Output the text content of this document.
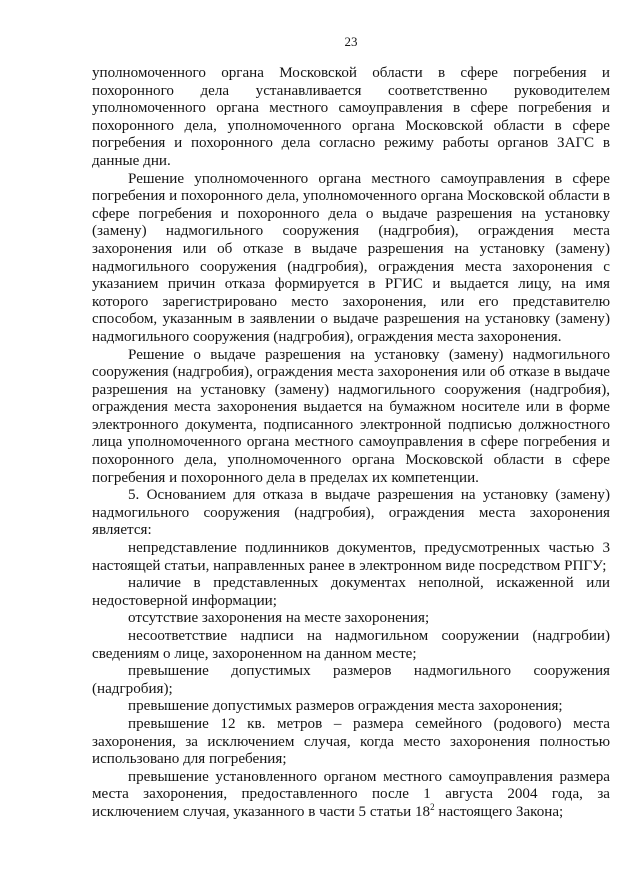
23

уполномоченного органа Московской области в сфере погребения и похоронного дела устанавливается соответственно руководителем уполномоченного органа местного самоуправления в сфере погребения и похоронного дела, уполномоченного органа Московской области в сфере погребения и похоронного дела согласно режиму работы органов ЗАГС в данные дни.

Решение уполномоченного органа местного самоуправления в сфере погребения и похоронного дела, уполномоченного органа Московской области в сфере погребения и похоронного дела о выдаче разрешения на установку (замену) надмогильного сооружения (надгробия), ограждения места захоронения или об отказе в выдаче разрешения на установку (замену) надмогильного сооружения (надгробия), ограждения места захоронения с указанием причин отказа формируется в РГИС и выдается лицу, на имя которого зарегистрировано место захоронения, или его представителю способом, указанным в заявлении о выдаче разрешения на установку (замену) надмогильного сооружения (надгробия), ограждения места захоронения.

Решение о выдаче разрешения на установку (замену) надмогильного сооружения (надгробия), ограждения места захоронения или об отказе в выдаче разрешения на установку (замену) надмогильного сооружения (надгробия), ограждения места захоронения выдается на бумажном носителе или в форме электронного документа, подписанного электронной подписью должностного лица уполномоченного органа местного самоуправления в сфере погребения и похоронного дела, уполномоченного органа Московской области в сфере погребения и похоронного дела в пределах их компетенции.

5. Основанием для отказа в выдаче разрешения на установку (замену) надмогильного сооружения (надгробия), ограждения места захоронения является:

непредставление подлинников документов, предусмотренных частью 3 настоящей статьи, направленных ранее в электронном виде посредством РПГУ;

наличие в представленных документах неполной, искаженной или недостоверной информации;

отсутствие захоронения на месте захоронения;

несоответствие надписи на надмогильном сооружении (надгробии) сведениям о лице, захороненном на данном месте;

превышение допустимых размеров надмогильного сооружения (надгробия);

превышение допустимых размеров ограждения места захоронения;

превышение 12 кв. метров – размера семейного (родового) места захоронения, за исключением случая, когда место захоронения полностью использовано для погребения;

превышение установленного органом местного самоуправления размера места захоронения, предоставленного после 1 августа 2004 года, за исключением случая, указанного в части 5 статьи $18^2$ настоящего Закона;
